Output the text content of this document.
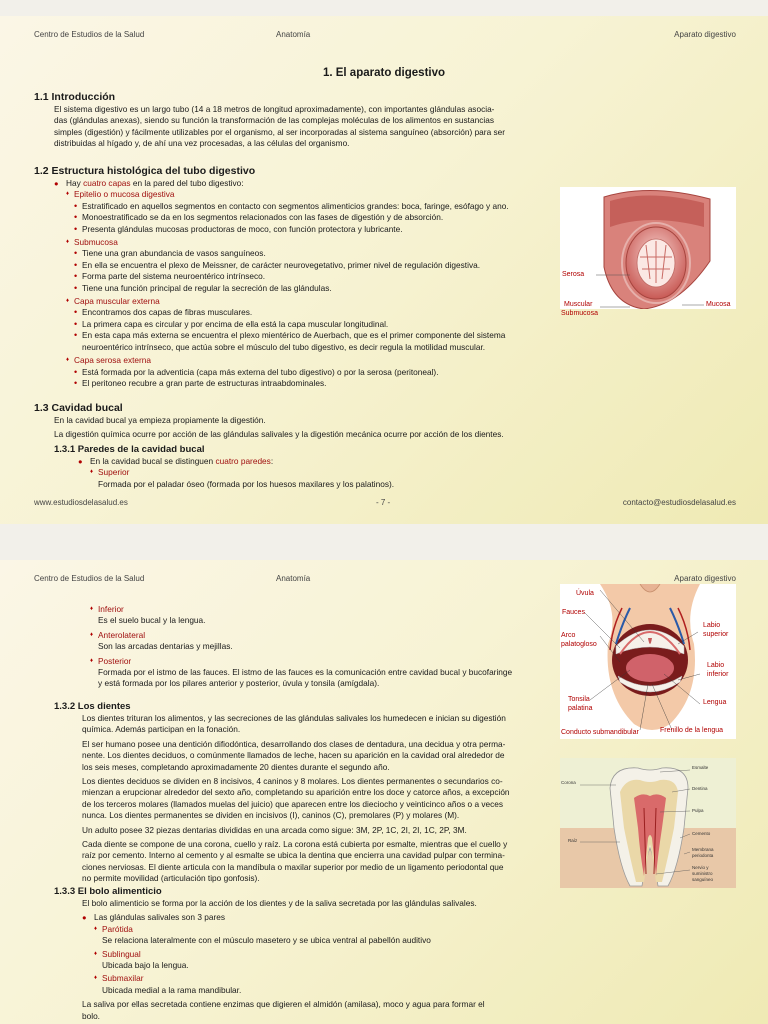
Centro de Estudios de la Salud	Anatomía	Aparato digestivo
1. El aparato digestivo
1.1 Introducción

El sistema digestivo es un largo tubo (14 a 18 metros de longitud aproximadamente), con importantes glándulas asocia-

das (glándulas anexas), siendo su función la transformación de las complejas moléculas de los alimentos en sustancias

simples (digestión) y fácilmente utilizables por el organismo, al ser incorporadas al sistema sanguíneo (absorción) para ser

distribuidas al hígado y, de ahí una vez procesadas, a las células del organismo.

1.2 Estructura histológica del tubo digestivo
● Hay cuatro capas en la pared del tubo digestivo:
♦ Epitelio o mucosa digestiva
• Estratificado en aquellos segmentos en contacto con segmentos alimenticios grandes: boca, faringe, esófago y ano.
• Monoestratificado se da en los segmentos relacionados con las fases de digestión y de absorción.
• Presenta glándulas mucosas productoras de moco, con función protectora y lubricante.
♦ Submucosa
• Tiene una gran abundancia de vasos sanguíneos.
• En ella se encuentra el plexo de Meissner, de carácter neurovegetativo, primer nivel de regulación digestiva.
• Forma parte del sistema neuroentérico intrínseco.
• Tiene una función principal de regular la secreción de las glándulas.
♦ Capa muscular externa
• Encontramos dos capas de fibras musculares.
• La primera capa es circular y por encima de ella está la capa muscular longitudinal.
• En esta capa más externa se encuentra el plexo mientérico de Auerbach, que es el primer componente del sistema

neuroentérico intrínseco, que actúa sobre el músculo del tubo digestivo, es decir regula la motilidad muscular.

♦ Capa serosa externa
• Está formada por la adventicia (capa más externa del tubo digestivo) o por la serosa (peritoneal).
• El peritoneo recubre a gran parte de estructuras intraabdominales.
1.3 Cavidad bucal

En la cavidad bucal ya empieza propiamente la digestión.

La digestión química ocurre por acción de las glándulas salivales y la digestión mecánica ocurre por acción de los dientes.

1.3.1 Paredes de la cavidad bucal
● En la cavidad bucal se distinguen cuatro paredes:
♦ Superior

Formada por el paladar óseo (formada por los huesos maxilares y los palatinos).

Serosa
Muscular
Submucosa
Mucosa
www.estudiosdelasalud.es	- 7 -	contacto@estudiosdelasalud.es
Centro de Estudios de la Salud	Anatomía	Aparato digestivo
♦ Inferior

Es el suelo bucal y la lengua.

♦ Anterolateral

Son las arcadas dentarias y mejillas.

♦ Posterior

Formada por el istmo de las fauces. El istmo de las fauces es la comunicación entre cavidad bucal y bucofaringe

y está formada por los pilares anterior y posterior, úvula y tonsila (amígdala).

1.3.2 Los dientes

Los dientes trituran los alimentos, y las secreciones de las glándulas salivales los humedecen e inician su digestión

química. Además participan en la fonación.

El ser humano posee una dentición difiodóntica, desarrollando dos clases de dentadura, una decidua y otra perma-

nente. Los dientes deciduos, o comúnmente llamados de leche, hacen su aparición en la cavidad oral alrededor de

los seis meses, completando aproximadamente 20 dientes durante el segundo año.

Los dientes deciduos se dividen en 8 incisivos, 4 caninos y 8 molares. Los dientes permanentes o secundarios co-

mienzan a erupcionar alrededor del sexto año, completando su aparición entre los doce y catorce años, a excepción

de los terceros molares (llamados muelas del juicio) que aparecen entre los dieciocho y veinticinco años o a veces

nunca. Los dientes permanentes se dividen en incisivos (I), caninos (C), premolares (P) y molares (M).

Un adulto posee 32 piezas dentarias divididas en una arcada como sigue: 3M, 2P, 1C, 2I, 2I, 1C, 2P, 3M.

Cada diente se compone de una corona, cuello y raíz. La corona está cubierta por esmalte, mientras que el cuello y

raíz por cemento. Interno al cemento y al esmalte se ubica la dentina que encierra una cavidad pulpar con termina-

ciones nerviosas. El diente articula con la mandíbula o maxilar superior por medio de un ligamento periodontal que

no permite movilidad (articulación tipo gonfosis).

1.3.3 El bolo alimenticio

El bolo alimenticio se forma por la acción de los dientes y de la saliva secretada por las glándulas salivales.

● Las glándulas salivales son 3 pares
♦ Parótida

Se relaciona lateralmente con el músculo masetero y se ubica ventral al pabellón auditivo

♦ Sublingual

Ubicada bajo la lengua.

♦ Submaxilar

Ubicada medial a la rama mandibular.

La saliva por ellas secretada contiene enzimas que digieren el almidón (amilasa), moco y agua para formar el

bolo.

Úvula
Fauces
Arco
palatogloso
Labio
superior
Labio
inferior
Tonsila
palatina
Lengua
Frenillo de la lengua
Conducto submandibular
Corona
Raíz
Esmalte
Dentina
Pulpa
Cemento
Membrana
periodonta
Nervio y
suministro
sanguíneo
